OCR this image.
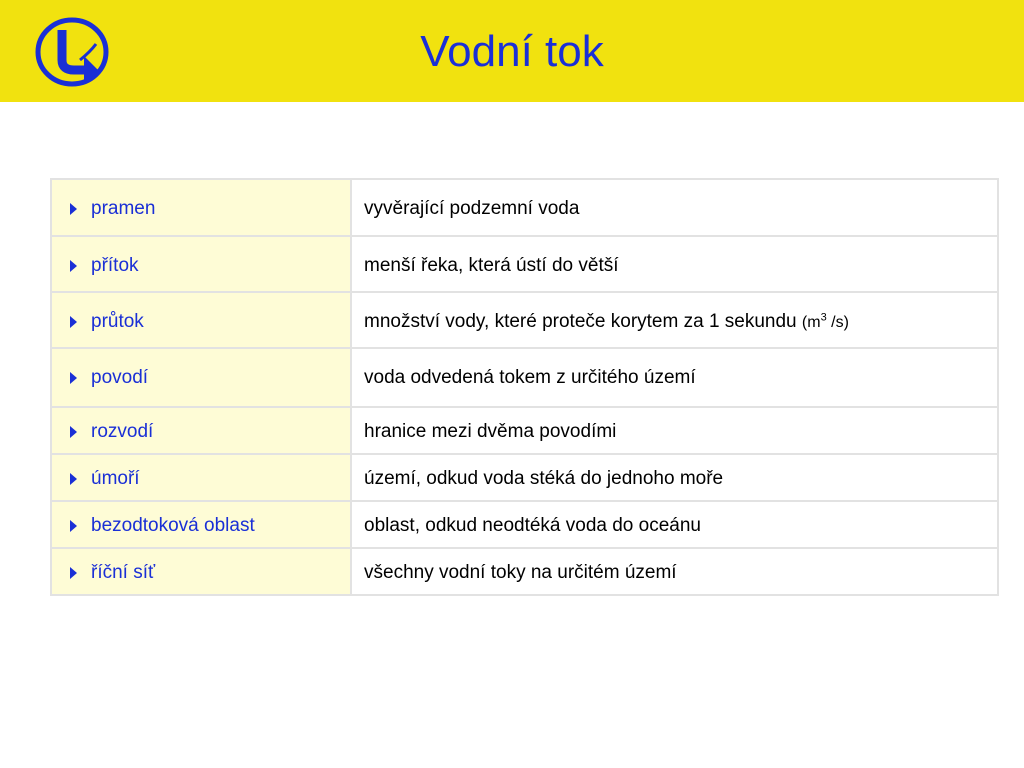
Vodní tok
pramen	vyvěrající podzemní voda

přítok	menší řeka, která ústí do větší

průtok	množství vody, které proteče korytem za 1 sekundu ($m^3$ /s)

povodí	voda odvedená tokem z určitého území

rozvodí	hranice mezi dvěma povodími

úmoří	území, odkud voda stéká do jednoho moře

bezodtoková oblast	oblast, odkud neodtéká voda do oceánu

říční síť	všechny vodní toky na určitém území
